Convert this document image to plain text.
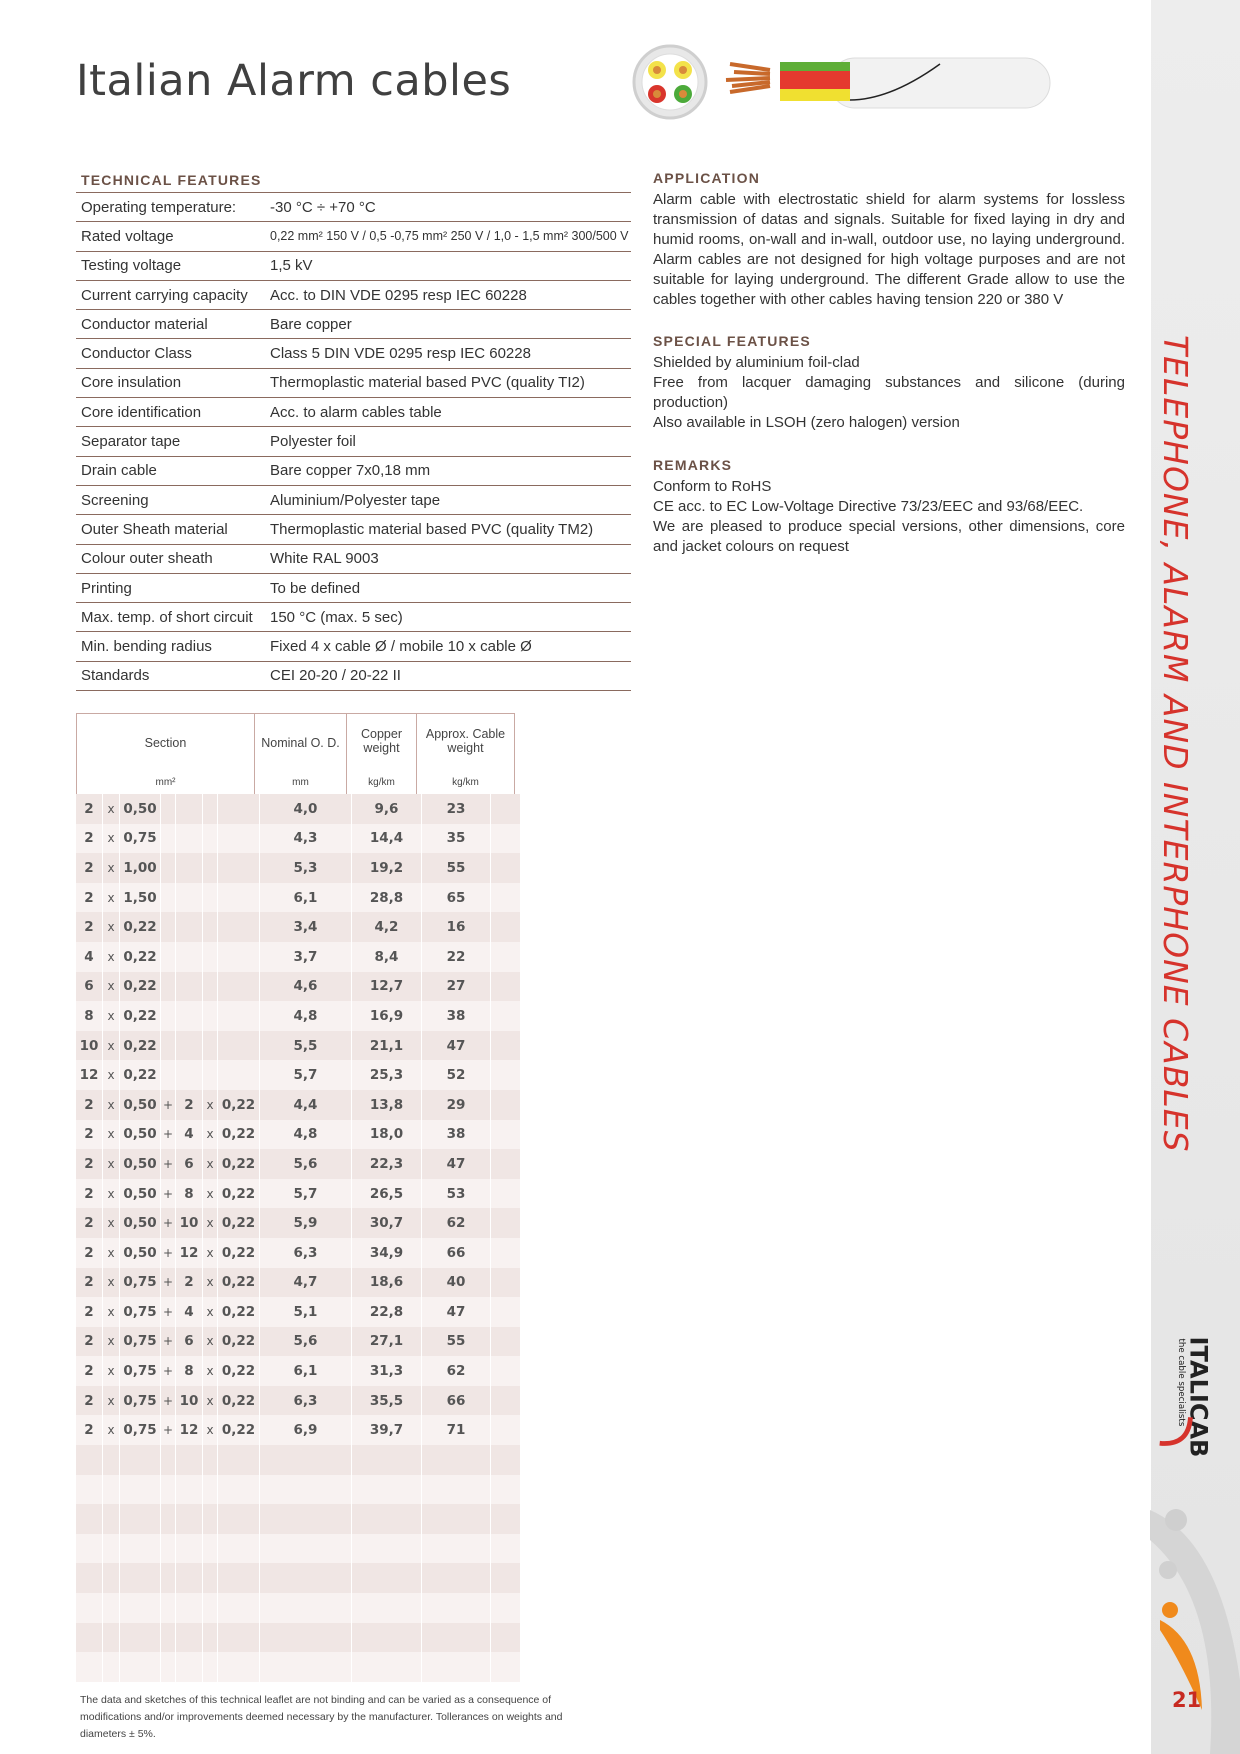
TELEPHONE, ALARM AND INTERPHONE CABLES
ITALICAB
the cable specialists
21
Italian Alarm cables
TECHNICAL FEATURES
Operating temperature:	-30 °C ÷ +70 °C
Rated voltage	0,22 mm² 150 V / 0,5 -0,75 mm² 250 V / 1,0 - 1,5 mm² 300/500 V
Testing voltage	1,5 kV
Current carrying capacity	Acc. to DIN VDE 0295 resp IEC 60228
Conductor material	Bare copper
Conductor Class	Class 5 DIN VDE 0295 resp IEC 60228
Core insulation	Thermoplastic material based PVC (quality TI2)
Core identification	Acc. to alarm cables table
Separator tape	Polyester foil
Drain cable	Bare copper 7x0,18 mm
Screening	Aluminium/Polyester tape
Outer Sheath material	Thermoplastic material based PVC (quality TM2)
Colour outer sheath	White RAL 9003
Printing	To be defined
Max. temp. of short circuit	150 °C (max. 5 sec)
Min. bending radius	Fixed 4 x cable Ø / mobile 10 x cable Ø
Standards	CEI 20-20 / 20-22 II
APPLICATION

Alarm cable with electrostatic shield for alarm systems for lossless transmission of datas and signals. Suitable for fixed laying in dry and humid rooms, on-wall and in-wall, outdoor use, no laying underground. Alarm cables are not designed for high voltage purposes and are not suitable for laying underground. The different Grade allow to use the cables together with other cables having tension 220 or 380 V

SPECIAL FEATURES

Shielded by aluminium foil-clad

Free from lacquer damaging substances and silicone (during production)

Also available in LSOH (zero halogen) version

REMARKS

Conform to RoHS

CE acc. to EC Low-Voltage Directive 73/23/EEC and 93/68/EEC.

We are pleased to produce special versions, other dimensions, core and jacket colours on request

Section
mm²

Nominal O. D.
mm

Copper weight
kg/km

Approx. Cable weight
kg/km
2	x	0,50					4,0	9,6	23	
2	x	0,75					4,3	14,4	35	
2	x	1,00					5,3	19,2	55	
2	x	1,50					6,1	28,8	65	
2	x	0,22					3,4	4,2	16	
4	x	0,22					3,7	8,4	22	
6	x	0,22					4,6	12,7	27	
8	x	0,22					4,8	16,9	38	
10	x	0,22					5,5	21,1	47	
12	x	0,22					5,7	25,3	52	
2	x	0,50	+	2	x	0,22	4,4	13,8	29	
2	x	0,50	+	4	x	0,22	4,8	18,0	38	
2	x	0,50	+	6	x	0,22	5,6	22,3	47	
2	x	0,50	+	8	x	0,22	5,7	26,5	53	
2	x	0,50	+	10	x	0,22	5,9	30,7	62	
2	x	0,50	+	12	x	0,22	6,3	34,9	66	
2	x	0,75	+	2	x	0,22	4,7	18,6	40	
2	x	0,75	+	4	x	0,22	5,1	22,8	47	
2	x	0,75	+	6	x	0,22	5,6	27,1	55	
2	x	0,75	+	8	x	0,22	6,1	31,3	62	
2	x	0,75	+	10	x	0,22	6,3	35,5	66	
2	x	0,75	+	12	x	0,22	6,9	39,7	71	

The data and sketches of this technical leaflet are not binding and can be varied as a consequence of modifications and/or improvements deemed necessary by the manufacturer. Tollerances on weights and diameters ± 5%.
